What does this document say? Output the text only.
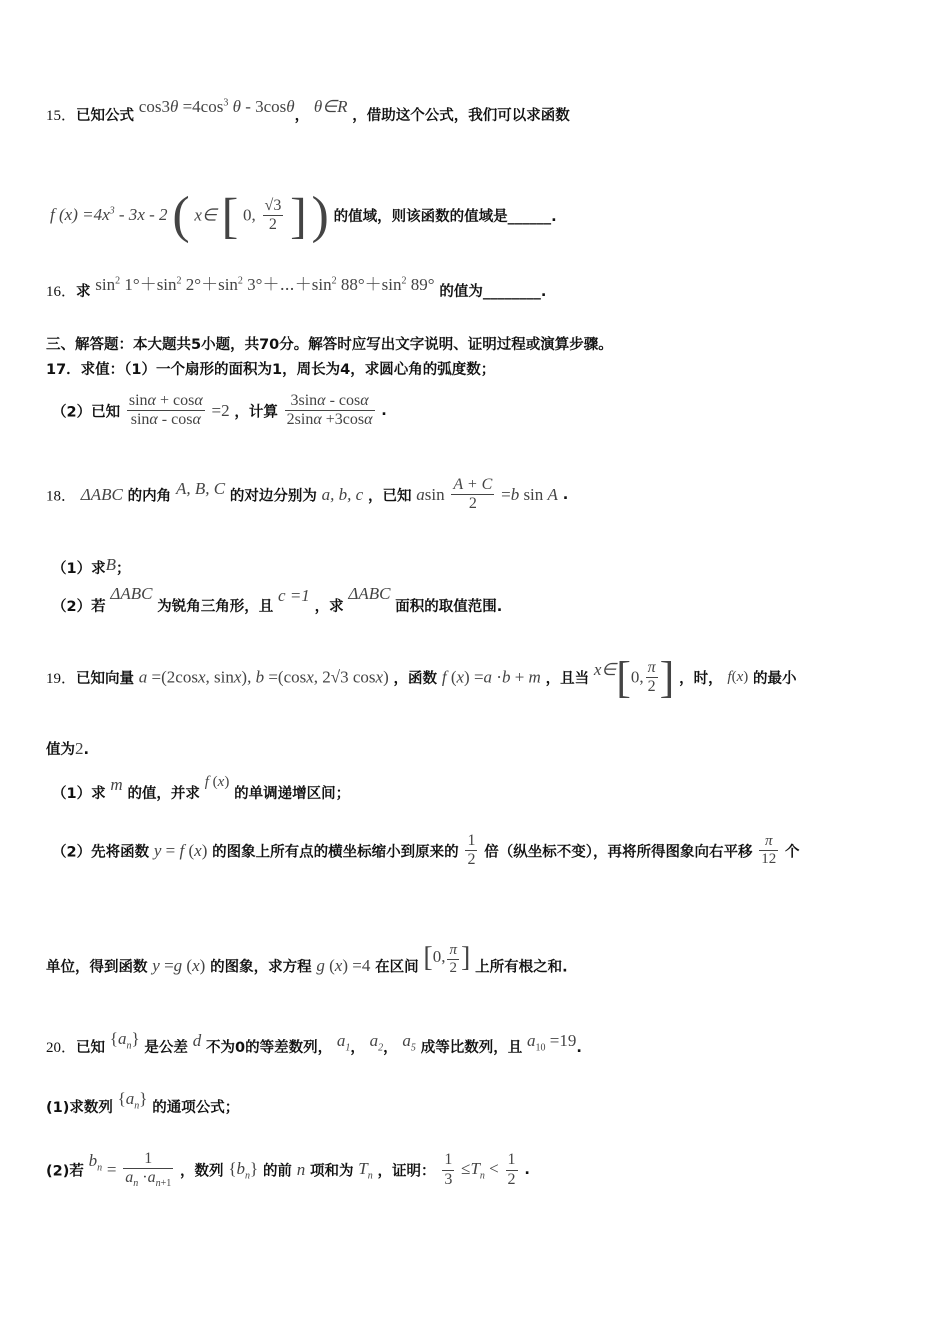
15．已知公式 $\cos 3\theta =4\cos^3$ θ - 3cosθ， θ∈R ，借助这个公式，我们可以求函数
f $(x) =4x^3 - 3x - 2$ ( x∈ [ 0, $\frac{√3}{2}$ ] ) 的值域，则该函数的值域是______.
16．求 $\sin^2 1^\circ+\sin^2$ $2^\circ+\sin^2$ $3^\circ+\cdots+\sin^2$ $88^\circ+\sin^2$ 89° 的值为________.
三、解答题：本大题共5小题，共70分。解答时应写出文字说明、证明过程或演算步骤。
17．求值：（1）一个扇形的面积为1，周长为4，求圆心角的弧度数；
（2）已知 $\frac{\sin\alpha + \cos\alpha}{\sin\alpha - \cos\alpha} =2$ ，计算 $\frac{3\sin\alpha - \cos\alpha}{2\sin\alpha +3\cos\alpha}$ .
18． ΔABC 的内角 A, B, C 的对边分别为 a, b, c ，已知 asin $\frac{A + C}{2} =b$ sin A .
（1）求B；
（2）若 ΔABC 为锐角三角形，且 c =1 ，求 ΔABC 面积的取值范围.
19．已知向量 a =(2cosx, sinx), b =(cosx, 2√3 cosx) ，函数 f (x) =a ·b + m ，且当 x∈[0, $\frac{\pi}{2}$ ] ，时， f(x) 的最小
值为2.
（1）求 m 的值，并求 f (x) 的单调递增区间；
（2）先将函数 y = f (x) 的图象上所有点的横坐标缩小到原来的 $\frac{1}{2}$ 倍（纵坐标不变），再将所得图象向右平移 $\frac{\pi}{12}$ 个
单位，得到函数 y =g (x) 的图象，求方程 g (x) =4 在区间 [0, $\frac{\pi}{2}$ ] 上所有根之和.
20．已知 $\{a_n\}$ 是公差 d 不为0的等差数列， $a_1$， $a_2$， $a_5$ 成等比数列，且 $a_{10} =19$.
(1)求数列 $\{a_n\}$ 的通项公式；
(2)若 $b_n = \frac{1}{a_n \cdot a_{n+1}}$ ，数列 $\{b_n\}$ 的前 n 项和为 $T_n$ ，证明： $\frac{1}{3} \le T_n < \frac{1}{2}$ .
